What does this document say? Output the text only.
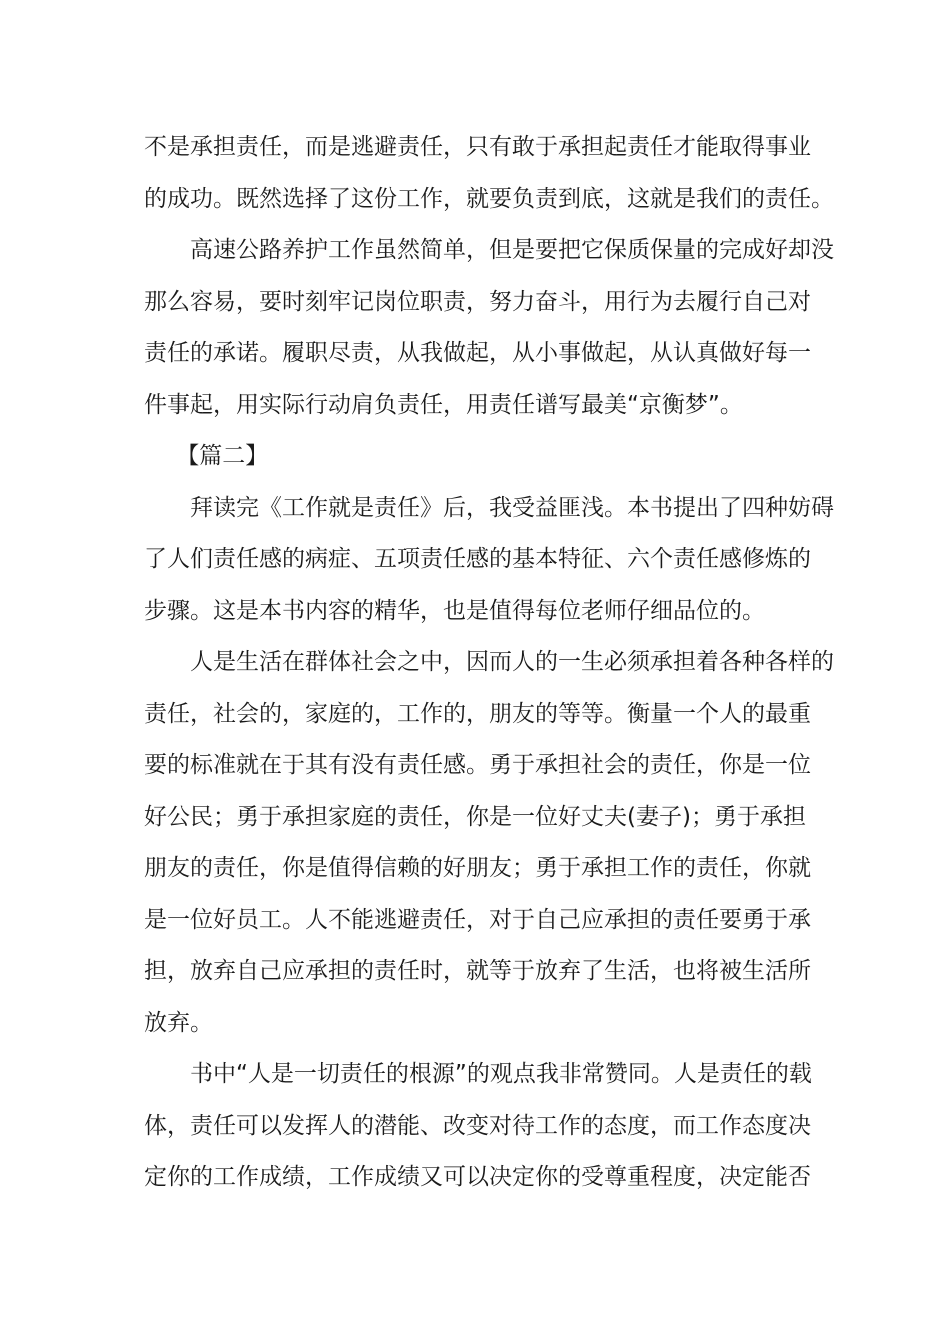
不是承担责任，而是逃避责任，只有敢于承担起责任才能取得事业
的成功。既然选择了这份工作，就要负责到底，这就是我们的责任。

高速公路养护工作虽然简单，但是要把它保质保量的完成好却没
那么容易，要时刻牢记岗位职责，努力奋斗，用行为去履行自己对
责任的承诺。履职尽责，从我做起，从小事做起，从认真做好每一
件事起，用实际行动肩负责任，用责任谱写最美“京衡梦”。

【篇二】

拜读完《工作就是责任》后，我受益匪浅。本书提出了四种妨碍
了人们责任感的病症、五项责任感的基本特征、六个责任感修炼的
步骤。这是本书内容的精华，也是值得每位老师仔细品位的。

人是生活在群体社会之中，因而人的一生必须承担着各种各样的
责任，社会的，家庭的，工作的，朋友的等等。衡量一个人的最重
要的标准就在于其有没有责任感。勇于承担社会的责任，你是一位
好公民；勇于承担家庭的责任，你是一位好丈夫(妻子)；勇于承担
朋友的责任，你是值得信赖的好朋友；勇于承担工作的责任，你就
是一位好员工。人不能逃避责任，对于自己应承担的责任要勇于承
担，放弃自己应承担的责任时，就等于放弃了生活，也将被生活所
放弃。

书中“人是一切责任的根源”的观点我非常赞同。人是责任的载
体，责任可以发挥人的潜能、改变对待工作的态度，而工作态度决
定你的工作成绩，工作成绩又可以决定你的受尊重程度，决定能否
